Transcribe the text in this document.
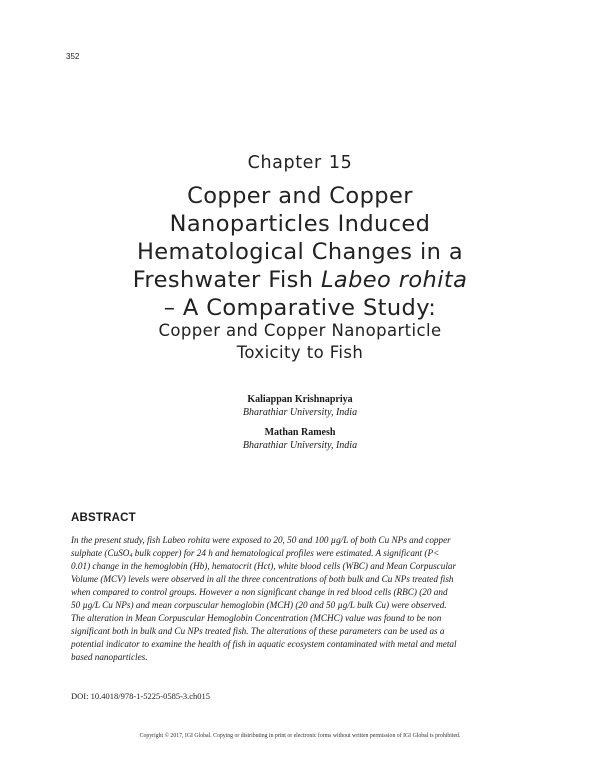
352
Chapter 15
Copper and Copper
Nanoparticles Induced
Hematological Changes in a
Freshwater Fish Labeo rohita
– A Comparative Study:
Copper and Copper Nanoparticle
Toxicity to Fish
Kaliappan Krishnapriya
Bharathiar University, India
Mathan Ramesh
Bharathiar University, India
ABSTRACT
In the present study, fish Labeo rohita were exposed to 20, 50 and 100 µg/L of both Cu NPs and copper
sulphate (CuSO$_4$ bulk copper) for 24 h and hematological profiles were estimated. A significant (P<
0.01) change in the hemoglobin (Hb), hematocrit (Hct), white blood cells (WBC) and Mean Corpuscular
Volume (MCV) levels were observed in all the three concentrations of both bulk and Cu NPs treated fish
when compared to control groups. However a non significant change in red blood cells (RBC) (20 and
50 µg/L Cu NPs) and mean corpuscular hemoglobin (MCH) (20 and 50 µg/L bulk Cu) were observed.
The alteration in Mean Corpuscular Hemoglobin Concentration (MCHC) value was found to be non
significant both in bulk and Cu NPs treated fish. The alterations of these parameters can be used as a
potential indicator to examine the health of fish in aquatic ecosystem contaminated with metal and metal
based nanoparticles.
DOI: 10.4018/978-1-5225-0585-3.ch015
Copyright © 2017, IGI Global. Copying or distributing in print or electronic forms without written permission of IGI Global is prohibited.
